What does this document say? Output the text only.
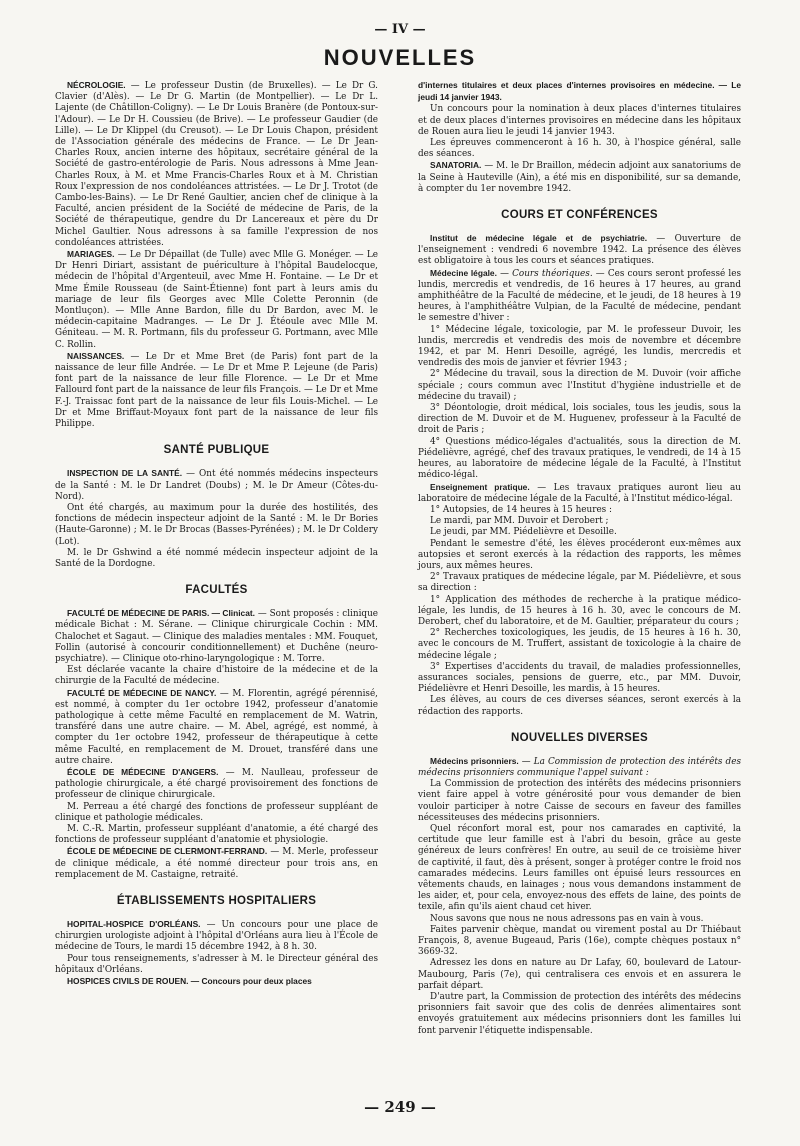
— IV —
NOUVELLES

NÉCROLOGIE. — Le professeur Dustin (de Bruxelles). — Le Dr G. Clavier (d'Alès). — Le Dr G. Martin (de Montpellier). — Le Dr L. Lajente (de Châtillon-Coligny). — Le Dr Louis Branère (de Pontoux-sur-l'Adour). — Le Dr H. Coussieu (de Brive). — Le professeur Gaudier (de Lille). — Le Dr Klippel (du Creusot). — Le Dr Louis Chapon, président de l'Association générale des médecins de France. — Le Dr Jean-Charles Roux, ancien interne des hôpitaux, secrétaire général de la Société de gastro-entérologie de Paris. Nous adressons à Mme Jean-Charles Roux, à M. et Mme Francis-Charles Roux et à M. Christian Roux l'expression de nos condoléances attristées. — Le Dr J. Trotot (de Cambo-les-Bains). — Le Dr René Gaultier, ancien chef de clinique à la Faculté, ancien président de la Société de médecine de Paris, de la Société de thérapeutique, gendre du Dr Lancereaux et père du Dr Michel Gaultier. Nous adressons à sa famille l'expression de nos condoléances attristées.

MARIAGES. — Le Dr Dépaillat (de Tulle) avec Mlle G. Monéger. — Le Dr Henri Diriart, assistant de puériculture à l'hôpital Baudelocque, médecin de l'hôpital d'Argenteuil, avec Mme H. Fontaine. — Le Dr et Mme Émile Rousseau (de Saint-Étienne) font part à leurs amis du mariage de leur fils Georges avec Mlle Colette Peronnin (de Montluçon). — Mlle Anne Bardon, fille du Dr Bardon, avec M. le médecin-capitaine Madranges. — Le Dr J. Étéoule avec Mlle M. Géniteau. — M. R. Portmann, fils du professeur G. Portmann, avec Mlle C. Rollin.

NAISSANCES. — Le Dr et Mme Bret (de Paris) font part de la naissance de leur fille Andrée. — Le Dr et Mme P. Lejeune (de Paris) font part de la naissance de leur fille Florence. — Le Dr et Mme Fallourd font part de la naissance de leur fils François. — Le Dr et Mme F.-J. Traissac font part de la naissance de leur fils Louis-Michel. — Le Dr et Mme Briffaut-Moyaux font part de la naissance de leur fils Philippe.

SANTÉ PUBLIQUE

INSPECTION DE LA SANTÉ. — Ont été nommés médecins inspecteurs de la Santé : M. le Dr Landret (Doubs) ; M. le Dr Ameur (Côtes-du-Nord).

Ont été chargés, au maximum pour la durée des hostilités, des fonctions de médecin inspecteur adjoint de la Santé : M. le Dr Bories (Haute-Garonne) ; M. le Dr Brocas (Basses-Pyrénées) ; M. le Dr Coldery (Lot).

M. le Dr Gshwind a été nommé médecin inspecteur adjoint de la Santé de la Dordogne.

FACULTÉS

FACULTÉ DE MÉDECINE DE PARIS. — Clinicat. — Sont proposés : clinique médicale Bichat : M. Sérane. — Clinique chirurgicale Cochin : MM. Chalochet et Sagaut. — Clinique des maladies mentales : MM. Fouquet, Follin (autorisé à concourir conditionnellement) et Duchêne (neuro-psychiatre). — Clinique oto-rhino-laryngologique : M. Torre.

Est déclarée vacante la chaire d'histoire de la médecine et de la chirurgie de la Faculté de médecine.

FACULTÉ DE MÉDECINE DE NANCY. — M. Florentin, agrégé pérennisé, est nommé, à compter du 1er octobre 1942, professeur d'anatomie pathologique à cette même Faculté en remplacement de M. Watrin, transféré dans une autre chaire. — M. Abel, agrégé, est nommé, à compter du 1er octobre 1942, professeur de thérapeutique à cette même Faculté, en remplacement de M. Drouet, transféré dans une autre chaire.

ÉCOLE DE MÉDECINE D'ANGERS. — M. Naulleau, professeur de pathologie chirurgicale, a été chargé provisoirement des fonctions de professeur de clinique chirurgicale.

M. Perreau a été chargé des fonctions de professeur suppléant de clinique et pathologie médicales.

M. C.-R. Martin, professeur suppléant d'anatomie, a été chargé des fonctions de professeur suppléant d'anatomie et physiologie.

ÉCOLE DE MÉDECINE DE CLERMONT-FERRAND. — M. Merle, professeur de clinique médicale, a été nommé directeur pour trois ans, en remplacement de M. Castaigne, retraité.

ÉTABLISSEMENTS HOSPITALIERS

HOPITAL-HOSPICE D'ORLÉANS. — Un concours pour une place de chirurgien urologiste adjoint à l'hôpital d'Orléans aura lieu à l'École de médecine de Tours, le mardi 15 décembre 1942, à 8 h. 30.

Pour tous renseignements, s'adresser à M. le Directeur général des hôpitaux d'Orléans.

HOSPICES CIVILS DE ROUEN. — Concours pour deux places

d'internes titulaires et deux places d'internes provisoires en médecine. — Le jeudi 14 janvier 1943.

Un concours pour la nomination à deux places d'internes titulaires et de deux places d'internes provisoires en médecine dans les hôpitaux de Rouen aura lieu le jeudi 14 janvier 1943.

Les épreuves commenceront à 16 h. 30, à l'hospice général, salle des séances.

SANATORIA. — M. le Dr Braillon, médecin adjoint aux sanatoriums de la Seine à Hauteville (Ain), a été mis en disponibilité, sur sa demande, à compter du 1er novembre 1942.

COURS ET CONFÉRENCES

Institut de médecine légale et de psychiatrie. — Ouverture de l'enseignement : vendredi 6 novembre 1942. La présence des élèves est obligatoire à tous les cours et séances pratiques.

Médecine légale. — Cours théoriques. — Ces cours seront professé les lundis, mercredis et vendredis, de 16 heures à 17 heures, au grand amphithéâtre de la Faculté de médecine, et le jeudi, de 18 heures à 19 heures, à l'amphithéâtre Vulpian, de la Faculté de médecine, pendant le semestre d'hiver :

1° Médecine légale, toxicologie, par M. le professeur Duvoir, les lundis, mercredis et vendredis des mois de novembre et décembre 1942, et par M. Henri Desoille, agrégé, les lundis, mercredis et vendredis des mois de janvier et février 1943 ;

2° Médecine du travail, sous la direction de M. Duvoir (voir affiche spéciale ; cours commun avec l'Institut d'hygiène industrielle et de médecine du travail) ;

3° Déontologie, droit médical, lois sociales, tous les jeudis, sous la direction de M. Duvoir et de M. Huguenev, professeur à la Faculté de droit de Paris ;

4° Questions médico-légales d'actualités, sous la direction de M. Piédelièvre, agrégé, chef des travaux pratiques, le vendredi, de 14 à 15 heures, au laboratoire de médecine légale de la Faculté, à l'Institut médico-légal.

Enseignement pratique. — Les travaux pratiques auront lieu au laboratoire de médecine légale de la Faculté, à l'Institut médico-légal.

1° Autopsies, de 14 heures à 15 heures :

Le mardi, par MM. Duvoir et Derobert ;

Le jeudi, par MM. Piédelièvre et Desoille.

Pendant le semestre d'été, les élèves procéderont eux-mêmes aux autopsies et seront exercés à la rédaction des rapports, les mêmes jours, aux mêmes heures.

2° Travaux pratiques de médecine légale, par M. Piédelièvre, et sous sa direction :

1° Application des méthodes de recherche à la pratique médico-légale, les lundis, de 15 heures à 16 h. 30, avec le concours de M. Derobert, chef du laboratoire, et de M. Gaultier, préparateur du cours ;

2° Recherches toxicologiques, les jeudis, de 15 heures à 16 h. 30, avec le concours de M. Truffert, assistant de toxicologie à la chaire de médecine légale ;

3° Expertises d'accidents du travail, de maladies professionnelles, assurances sociales, pensions de guerre, etc., par MM. Duvoir, Piédelièvre et Henri Desoille, les mardis, à 15 heures.

Les élèves, au cours de ces diverses séances, seront exercés à la rédaction des rapports.

NOUVELLES DIVERSES

Médecins prisonniers. — La Commission de protection des intérêts des médecins prisonniers communique l'appel suivant :

La Commission de protection des intérêts des médecins prisonniers vient faire appel à votre générosité pour vous demander de bien vouloir participer à notre Caisse de secours en faveur des familles nécessiteuses des médecins prisonniers.

Quel réconfort moral est, pour nos camarades en captivité, la certitude que leur famille est à l'abri du besoin, grâce au geste généreux de leurs confrères! En outre, au seuil de ce troisième hiver de captivité, il faut, dès à présent, songer à protéger contre le froid nos camarades médecins. Leurs familles ont épuisé leurs ressources en vêtements chauds, en lainages ; nous vous demandons instamment de les aider, et, pour cela, envoyez-nous des effets de laine, des points de texile, afin qu'ils aient chaud cet hiver.

Nous savons que nous ne nous adressons pas en vain à vous.

Faites parvenir chèque, mandat ou virement postal au Dr Thiébaut François, 8, avenue Bugeaud, Paris (16e), compte chèques postaux n° 3669-32.

Adressez les dons en nature au Dr Lafay, 60, boulevard de Latour-Maubourg, Paris (7e), qui centralisera ces envois et en assurera le parfait départ.

D'autre part, la Commission de protection des intérêts des médecins prisonniers fait savoir que des colis de denrées alimentaires sont envoyés gratuitement aux médecins prisonniers dont les familles lui font parvenir l'étiquette indispensable.

— 249 —
